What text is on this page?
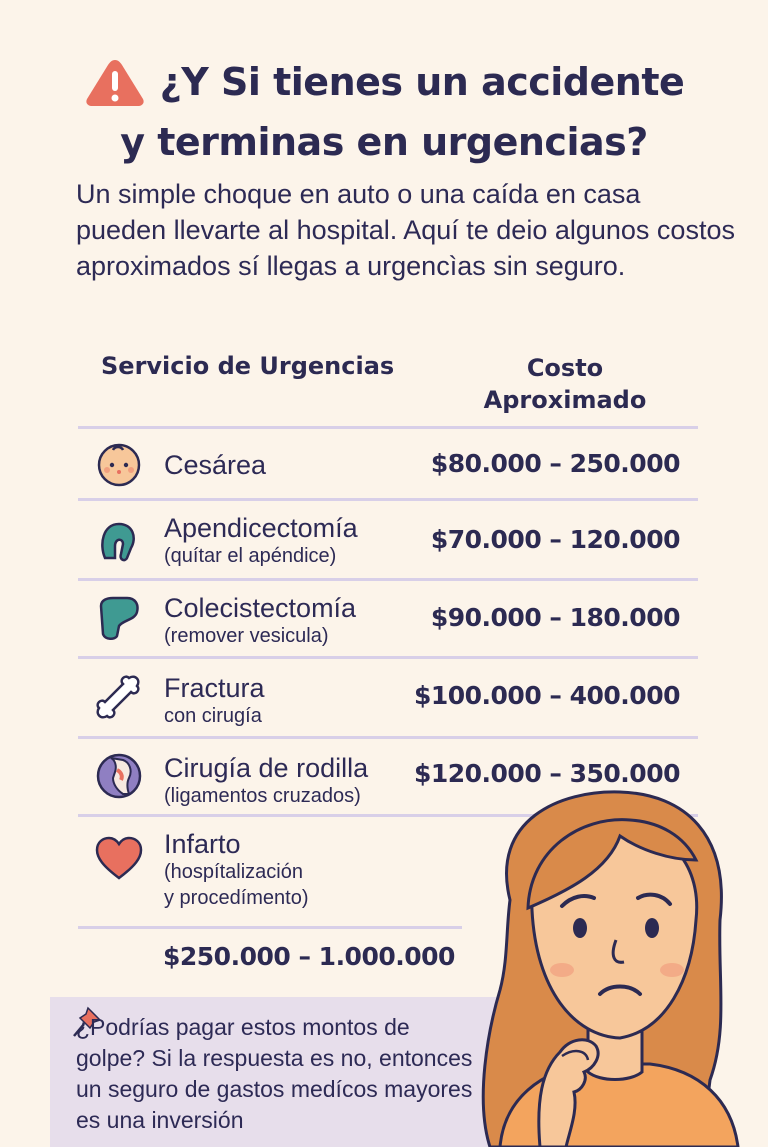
¿Y Si tienes un accidente
y terminas en urgencias?
Un simple choque en auto o una caída en casa pueden llevarte al hospital. Aquí te deio algunos costos aproximados sí llegas a urgencìas sin seguro.
Servicio de Urgencias	Costo
Aproximado
Cesárea	$80.000 – 250.000
Apendicectomía
(quítar el apéndice)
$70.000 – 120.000
Colecistectomía
(remover vesicula)
$90.000 – 180.000
Fractura
con cirugía
$100.000 – 400.000
Cirugía de rodilla
(ligamentos cruzados)
$120.000 – 350.000
Infarto
(hospítalización
y procedímento)
$250.000 – 1.000.000
¿Podrías pagar estos montos de golpe? Si la respuesta es no, entonces un seguro de gastos medícos mayores es una inversión
